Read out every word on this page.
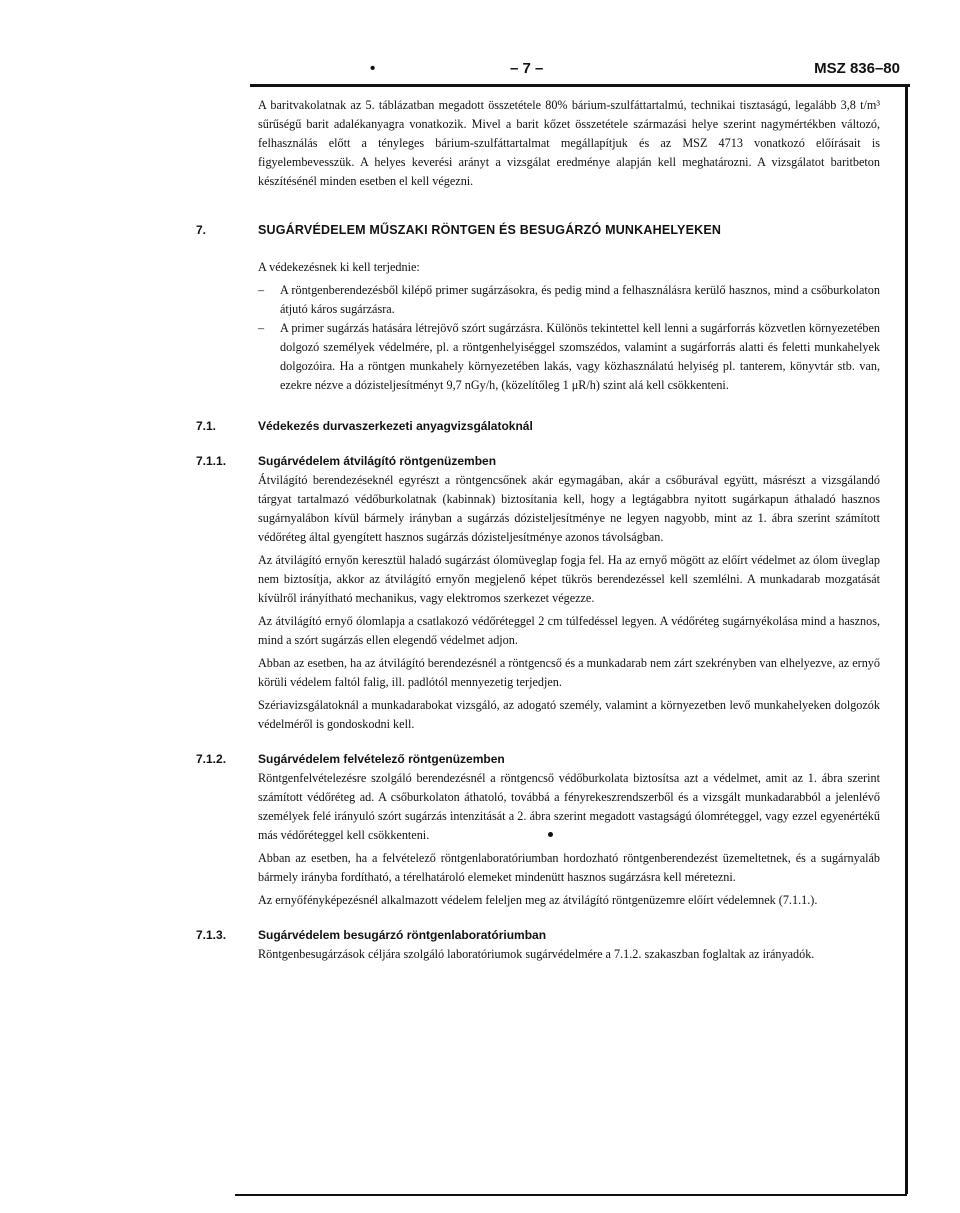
•	– 7 –	MSZ 836–80
A baritvakolatnak az 5. táblázatban megadott összetétele 80% bárium-szulfáttartalmú, technikai tisztaságú, legalább 3,8 t/m³ sűrűségű barit adalékanyagra vonatkozik. Mivel a barit kőzet összetétele származási helye szerint nagymértékben változó, felhasználás előtt a tényleges bárium-szulfáttartalmat megállapítjuk és az MSZ 4713 vonatkozó előírásait is figyelembevesszük. A helyes keverési arányt a vizsgálat eredménye alapján kell meghatározni. A vizsgálatot baritbeton készítésénél minden esetben el kell végezni.
7.	SUGÁRVÉDELEM MŰSZAKI RÖNTGEN ÉS BESUGÁRZÓ MUNKAHELYEKEN

A védekezésnek ki kell terjednie:

– A röntgenberendezésből kilépő primer sugárzásokra, és pedig mind a felhasználásra kerülő hasznos, mind a csőburkolaton átjutó káros sugárzásra.
– A primer sugárzás hatására létrejövő szórt sugárzásra. Különös tekintettel kell lenni a sugárforrás közvetlen környezetében dolgozó személyek védelmére, pl. a röntgenhelyiséggel szomszédos, valamint a sugárforrás alatti és feletti munkahelyek dolgozóira. Ha a röntgen munkahely környezetében lakás, vagy közhasználatú helyiség pl. tanterem, könyvtár stb. van, ezekre nézve a dózisteljesítményt 9,7 nGy/h, (közelítőleg 1 μR/h) szint alá kell csökkenteni.
7.1.	Védekezés durvaszerkezeti anyagvizsgálatoknál
7.1.1.	Sugárvédelem átvilágító röntgenüzemben

Átvilágító berendezéseknél egyrészt a röntgencsőnek akár egymagában, akár a csőburával együtt, másrészt a vizsgálandó tárgyat tartalmazó védőburkolatnak (kabinnak) biztosítania kell, hogy a legtágabbra nyitott sugárkapun áthaladó hasznos sugárnyalábon kívül bármely irányban a sugárzás dózisteljesítménye ne legyen nagyobb, mint az 1. ábra szerint számított védőréteg által gyengített hasznos sugárzás dózisteljesítménye azonos távolságban.

Az átvilágító ernyőn keresztül haladó sugárzást ólomüveglap fogja fel. Ha az ernyő mögött az előírt védelmet az ólom üveglap nem biztosítja, akkor az átvilágító ernyőn megjelenő képet tükrös berendezéssel kell szemlélni. A munkadarab mozgatását kívülről irányítható mechanikus, vagy elektromos szerkezet végezze.

Az átvilágító ernyő ólomlapja a csatlakozó védőréteggel 2 cm túlfedéssel legyen. A védőréteg sugárnyékolása mind a hasznos, mind a szórt sugárzás ellen elegendő védelmet adjon.

Abban az esetben, ha az átvilágító berendezésnél a röntgencső és a munkadarab nem zárt szekrényben van elhelyezve, az ernyő körüli védelem faltól falig, ill. padlótól mennyezetig terjedjen.

Szériavizsgálatoknál a munkadarabokat vizsgáló, az adogató személy, valamint a környezetben levő munkahelyeken dolgozók védelméről is gondoskodni kell.

7.1.2.	Sugárvédelem felvételező röntgenüzemben

Röntgenfelvételezésre szolgáló berendezésnél a röntgencső védőburkolata biztosítsa azt a védelmet, amit az 1. ábra szerint számított védőréteg ad. A csőburkolaton áthatoló, továbbá a fényrekeszrendszerből és a vizsgált munkadarabból a jelenlévő személyek felé irányuló szórt sugárzás intenzitását a 2. ábra szerint megadott vastagságú ólomréteggel, vagy ezzel egyenértékű más védőréteggel kell csökkenteni.

Abban az esetben, ha a felvételező röntgenlaboratóriumban hordozható röntgenberendezést üzemeltetnek, és a sugárnyaláb bármely irányba fordítható, a térelhatároló elemeket mindenütt hasznos sugárzásra kell méretezni.

Az ernyőfényképezésnél alkalmazott védelem feleljen meg az átvilágító röntgenüzemre előírt védelemnek (7.1.1.).

7.1.3.	Sugárvédelem besugárzó röntgenlaboratóriumban

Röntgenbesugárzások céljára szolgáló laboratóriumok sugárvédelmére a 7.1.2. szakaszban foglaltak az irányadók.
